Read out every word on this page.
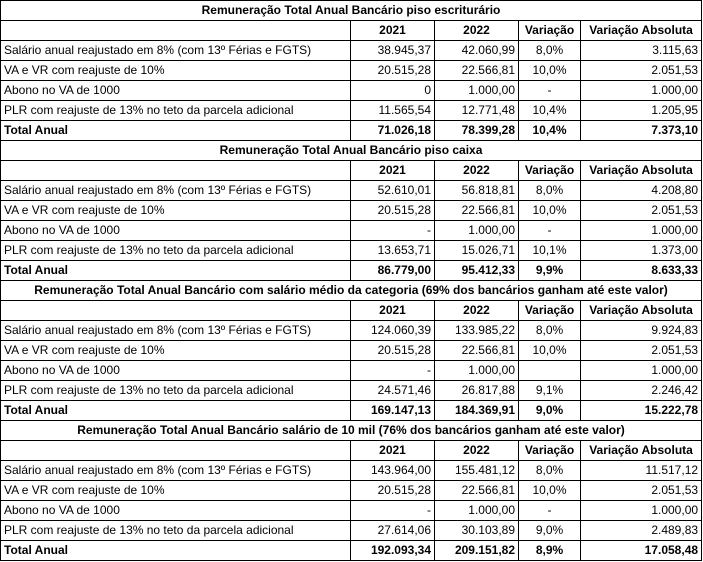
Remuneração Total Anual Bancário piso escriturário				
	2021	2022	Variação	Variação Absoluta
Salário anual reajustado em 8% (com 13º Férias e FGTS)	38.945,37	42.060,99	8,0%	3.115,63
VA e VR com reajuste de 10%	20.515,28	22.566,81	10,0%	2.051,53
Abono no VA de 1000	0	1.000,00	-	1.000,00
PLR com reajuste de 13% no teto da parcela adicional	11.565,54	12.771,48	10,4%	1.205,95
Total Anual	71.026,18	78.399,28	10,4%	7.373,10
Remuneração Total Anual Bancário piso caixa				
	2021	2022	Variação	Variação Absoluta
Salário anual reajustado em 8% (com 13º Férias e FGTS)	52.610,01	56.818,81	8,0%	4.208,80
VA e VR com reajuste de 10%	20.515,28	22.566,81	10,0%	2.051,53
Abono no VA de 1000	-	1.000,00	-	1.000,00
PLR com reajuste de 13% no teto da parcela adicional	13.653,71	15.026,71	10,1%	1.373,00
Total Anual	86.779,00	95.412,33	9,9%	8.633,33
Remuneração Total Anual Bancário com salário médio da categoria (69% dos bancários ganham até este valor)				
	2021	2022	Variação	Variação Absoluta
Salário anual reajustado em 8% (com 13º Férias e FGTS)	124.060,39	133.985,22	8,0%	9.924,83
VA e VR com reajuste de 10%	20.515,28	22.566,81	10,0%	2.051,53
Abono no VA de 1000	-	1.000,00		1.000,00
PLR com reajuste de 13% no teto da parcela adicional	24.571,46	26.817,88	9,1%	2.246,42
Total Anual	169.147,13	184.369,91	9,0%	15.222,78
Remuneração Total Anual Bancário salário de 10 mil (76% dos bancários ganham até este valor)				
	2021	2022	Variação	Variação Absoluta
Salário anual reajustado em 8% (com 13º Férias e FGTS)	143.964,00	155.481,12	8,0%	11.517,12
VA e VR com reajuste de 10%	20.515,28	22.566,81	10,0%	2.051,53
Abono no VA de 1000	-	1.000,00	-	1.000,00
PLR com reajuste de 13% no teto da parcela adicional	27.614,06	30.103,89	9,0%	2.489,83
Total Anual	192.093,34	209.151,82	8,9%	17.058,48
